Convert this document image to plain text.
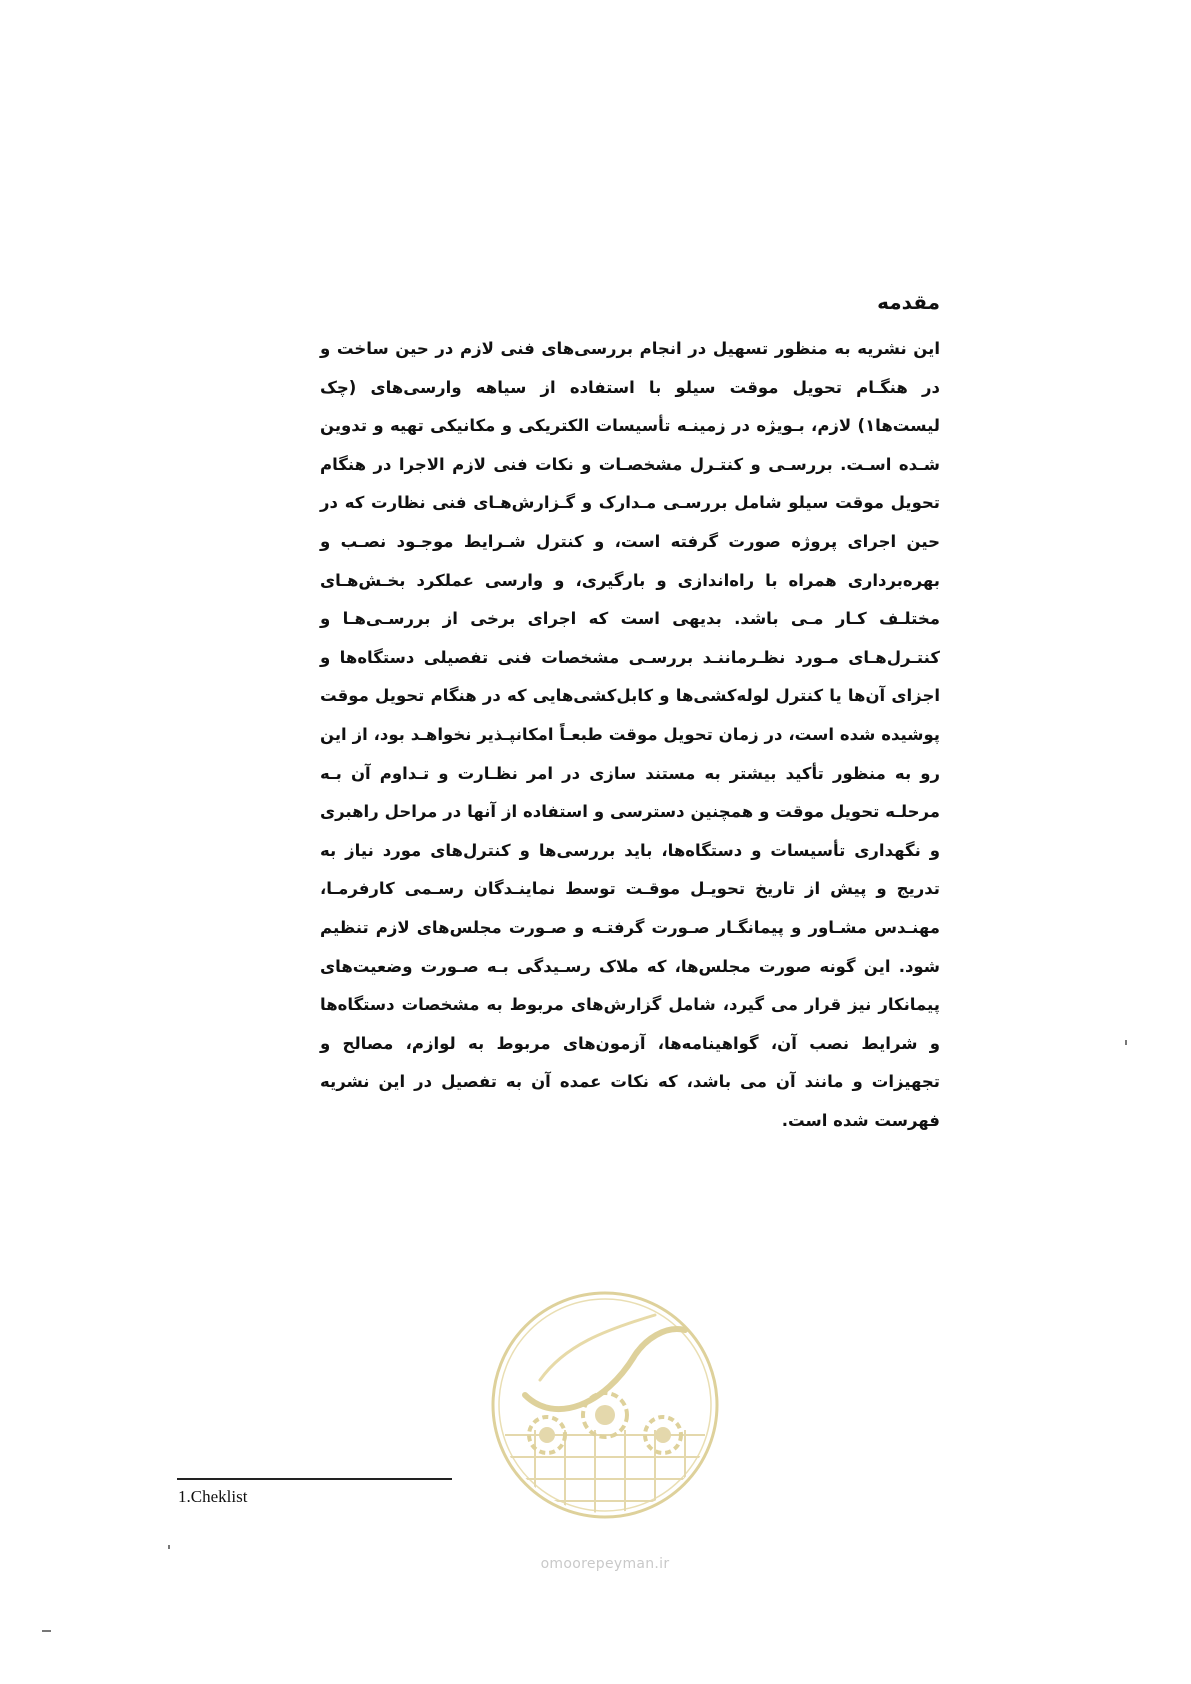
مقدمه

این نشریه به منظور تسهیل در انجام بررسی‌های فنی لازم در حین ساخت و در هنگـام تحویل موقت سیلو با استفاده از سیاهه وارسی‌های (چک لیست‌ها۱) لازم، بـویژه در زمینـه تأسیسات الکتریکی و مکانیکی تهیه و تدوین شـده اسـت. بررسـی و کنتـرل مشخصـات و نکات فنی لازم الاجرا در هنگام تحویل موقت سیلو شامل بررسـی مـدارک و گـزارش‌هـای فنی نظارت که در حین اجرای پروژه صورت گرفته است، و کنترل شـرایط موجـود نصـب و بهره‌برداری همراه با راه‌اندازی و بارگیری، و وارسی عملکرد بخـش‌هـای مختلـف کـار مـی باشد. بدیهی است که اجرای برخی از بررسـی‌هـا و کنتـرل‌هـای مـورد نظـرماننـد بررسـی مشخصات فنی تفصیلی دستگاه‌ها و اجزای آن‌ها یا کنترل لوله‌کشی‌ها و کابل‌کشی‌هایی که در هنگام تحویل موقت پوشیده شده است، در زمان تحویل موقت طبعـاً امکانپـذیر نخواهـد بود، از این رو به منظور تأکید بیشتر به مستند سازی در امر نظـارت و تـداوم آن بـه مرحلـه تحویل موقت و همچنین دسترسی و استفاده از آنها در مراحل راهبری و نگهداری تأسیسات و دستگاه‌ها، باید بررسی‌ها و کنترل‌های مورد نیاز به تدریج و پیش از تاریخ تحویـل موقـت توسط نماینـدگان رسـمی کارفرمـا، مهنـدس مشـاور و پیمانگـار صـورت گرفتـه و صـورت مجلس‌های لازم تنظیم شود. این گونه صورت مجلس‌ها، که ملاک رسـیدگی بـه صـورت وضعیت‌های پیمانکار نیز قرار می گیرد، شامل گزارش‌های مربوط به مشخصات دستگاه‌ها و شرایط نصب آن، گواهینامه‌ها، آزمون‌های مربوط به لوازم، مصالح و تجهیزات و مانند آن می باشد، که نکات عمده آن به تفصیل در این نشریه فهرست شده است.

1.Cheklist
omoorepeyman.ir
